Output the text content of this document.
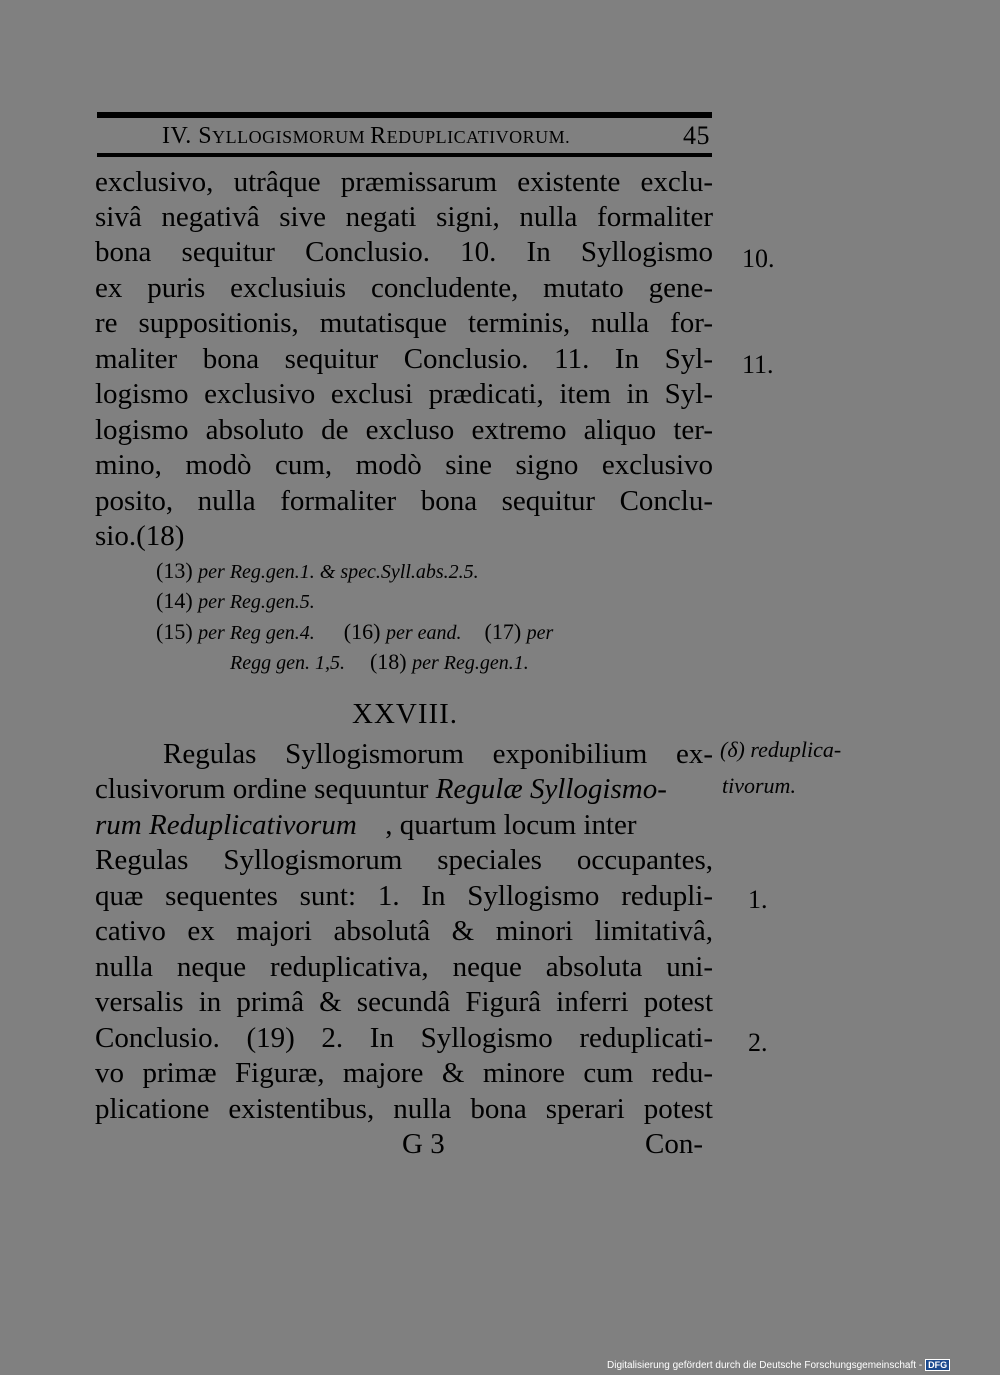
IV. SYLLOGISMORUM REDUPLICATIVORUM.	45
exclusivo, utrâque præmissarum existente exclu-
sivâ negativâ sive negati signi, nulla formaliter
bona sequitur Conclusio. 10. In Syllogismo
ex puris exclusiuis concludente, mutato gene-
re suppositionis, mutatisque terminis, nulla for-
maliter bona sequitur Conclusio. 11. In Syl-
logismo exclusivo exclusi prædicati, item in Syl-
logismo absoluto de excluso extremo aliquo ter-
mino, modò cum, modò sine signo exclusivo
posito, nulla formaliter bona sequitur Conclu-
sio.(18)
10.
11.
(13) per Reg.gen.1. & spec.Syll.abs.2.5.
(14) per Reg.gen.5.
(15) per Reg gen.4. (16) per eand. (17) per
Regg gen. 1,5. (18) per Reg.gen.1.
XXVIII.
Regulas Syllogismorum exponibilium ex-
clusivorum ordine sequuntur Regulæ Syllogismo-
rum Reduplicativorum , quartum locum inter
Regulas Syllogismorum speciales occupantes,
quæ sequentes sunt: 1. In Syllogismo redupli-
cativo ex majori absolutâ & minori limitativâ,
nulla neque reduplicativa, neque absoluta uni-
versalis in primâ & secundâ Figurâ inferri potest
Conclusio. (19) 2. In Syllogismo reduplicati-
vo primæ Figuræ, majore & minore cum redu-
plicatione existentibus, nulla bona sperari potest
(δ) reduplica-
tivorum.
1.
2.
G 3	Con-
Digitalisierung gefördert durch die Deutsche Forschungsgemeinschaft - DFG
